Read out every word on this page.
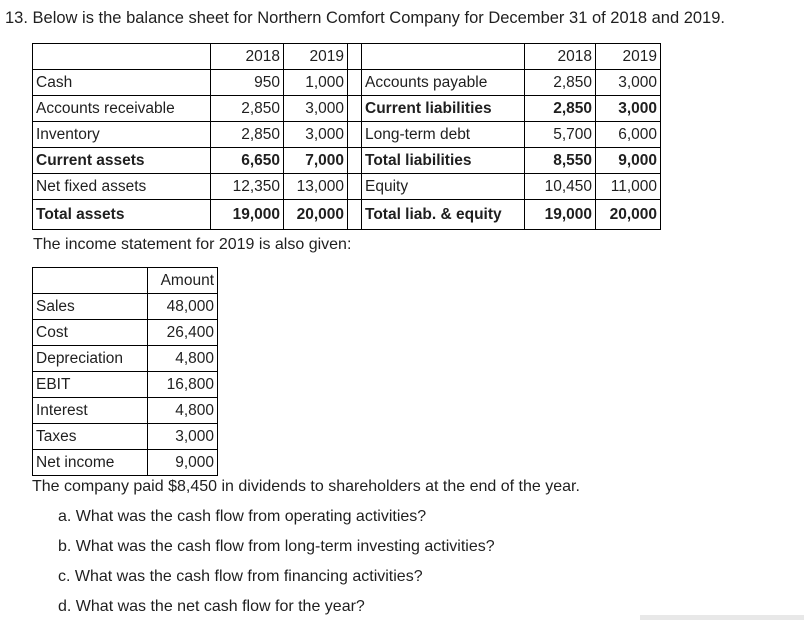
13. Below is the balance sheet for Northern Comfort Company for December 31 of 2018 and 2019.
	2018	2019			2018	2019
Cash	950	1,000		Accounts payable	2,850	3,000
Accounts receivable	2,850	3,000		Current liabilities	2,850	3,000
Inventory	2,850	3,000		Long-term debt	5,700	6,000
Current assets	6,650	7,000		Total liabilities	8,550	9,000
Net fixed assets	12,350	13,000		Equity	10,450	11,000
Total assets	19,000	20,000		Total liab. & equity	19,000	20,000
The income statement for 2019 is also given:
	Amount
Sales	48,000
Cost	26,400
Depreciation	4,800
EBIT	16,800
Interest	4,800
Taxes	3,000
Net income	9,000
The company paid $8,450 in dividends to shareholders at the end of the year.
a. What was the cash flow from operating activities?
b. What was the cash flow from long-term investing activities?
c. What was the cash flow from financing activities?
d. What was the net cash flow for the year?
